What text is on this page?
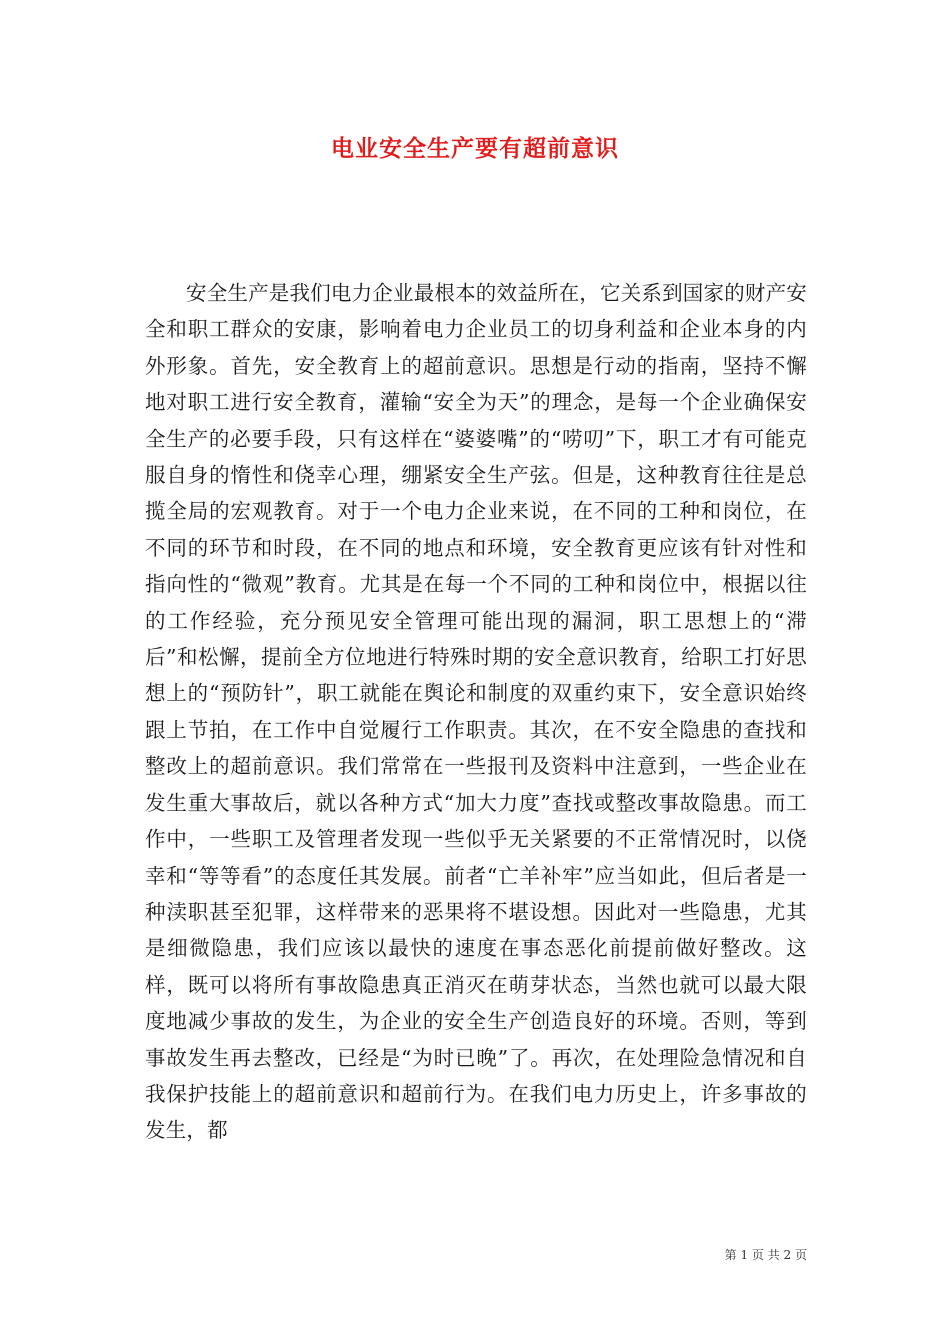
电业安全生产要有超前意识

安全生产是我们电力企业最根本的效益所在，它关系到国家的财产安全和职工群众的安康，影响着电力企业员工的切身利益和企业本身的内外形象。首先，安全教育上的超前意识。思想是行动的指南，坚持不懈地对职工进行安全教育，灌输“安全为天”的理念，是每一个企业确保安全生产的必要手段，只有这样在“婆婆嘴”的“唠叨”下，职工才有可能克服自身的惰性和侥幸心理，绷紧安全生产弦。但是，这种教育往往是总揽全局的宏观教育。对于一个电力企业来说，在不同的工种和岗位，在不同的环节和时段，在不同的地点和环境，安全教育更应该有针对性和指向性的“微观”教育。尤其是在每一个不同的工种和岗位中，根据以往的工作经验，充分预见安全管理可能出现的漏洞，职工思想上的“滞后”和松懈，提前全方位地进行特殊时期的安全意识教育，给职工打好思想上的“预防针”，职工就能在舆论和制度的双重约束下，安全意识始终跟上节拍，在工作中自觉履行工作职责。其次，在不安全隐患的查找和整改上的超前意识。我们常常在一些报刊及资料中注意到，一些企业在发生重大事故后，就以各种方式“加大力度”查找或整改事故隐患。而工作中，一些职工及管理者发现一些似乎无关紧要的不正常情况时，以侥幸和“等等看”的态度任其发展。前者“亡羊补牢”应当如此，但后者是一种渎职甚至犯罪，这样带来的恶果将不堪设想。因此对一些隐患，尤其是细微隐患，我们应该以最快的速度在事态恶化前提前做好整改。这样，既可以将所有事故隐患真正消灭在萌芽状态，当然也就可以最大限度地减少事故的发生，为企业的安全生产创造良好的环境。否则，等到事故发生再去整改，已经是“为时已晚”了。再次，在处理险急情况和自我保护技能上的超前意识和超前行为。在我们电力历史上，许多事故的发生，都

第 1 页 共 2 页
